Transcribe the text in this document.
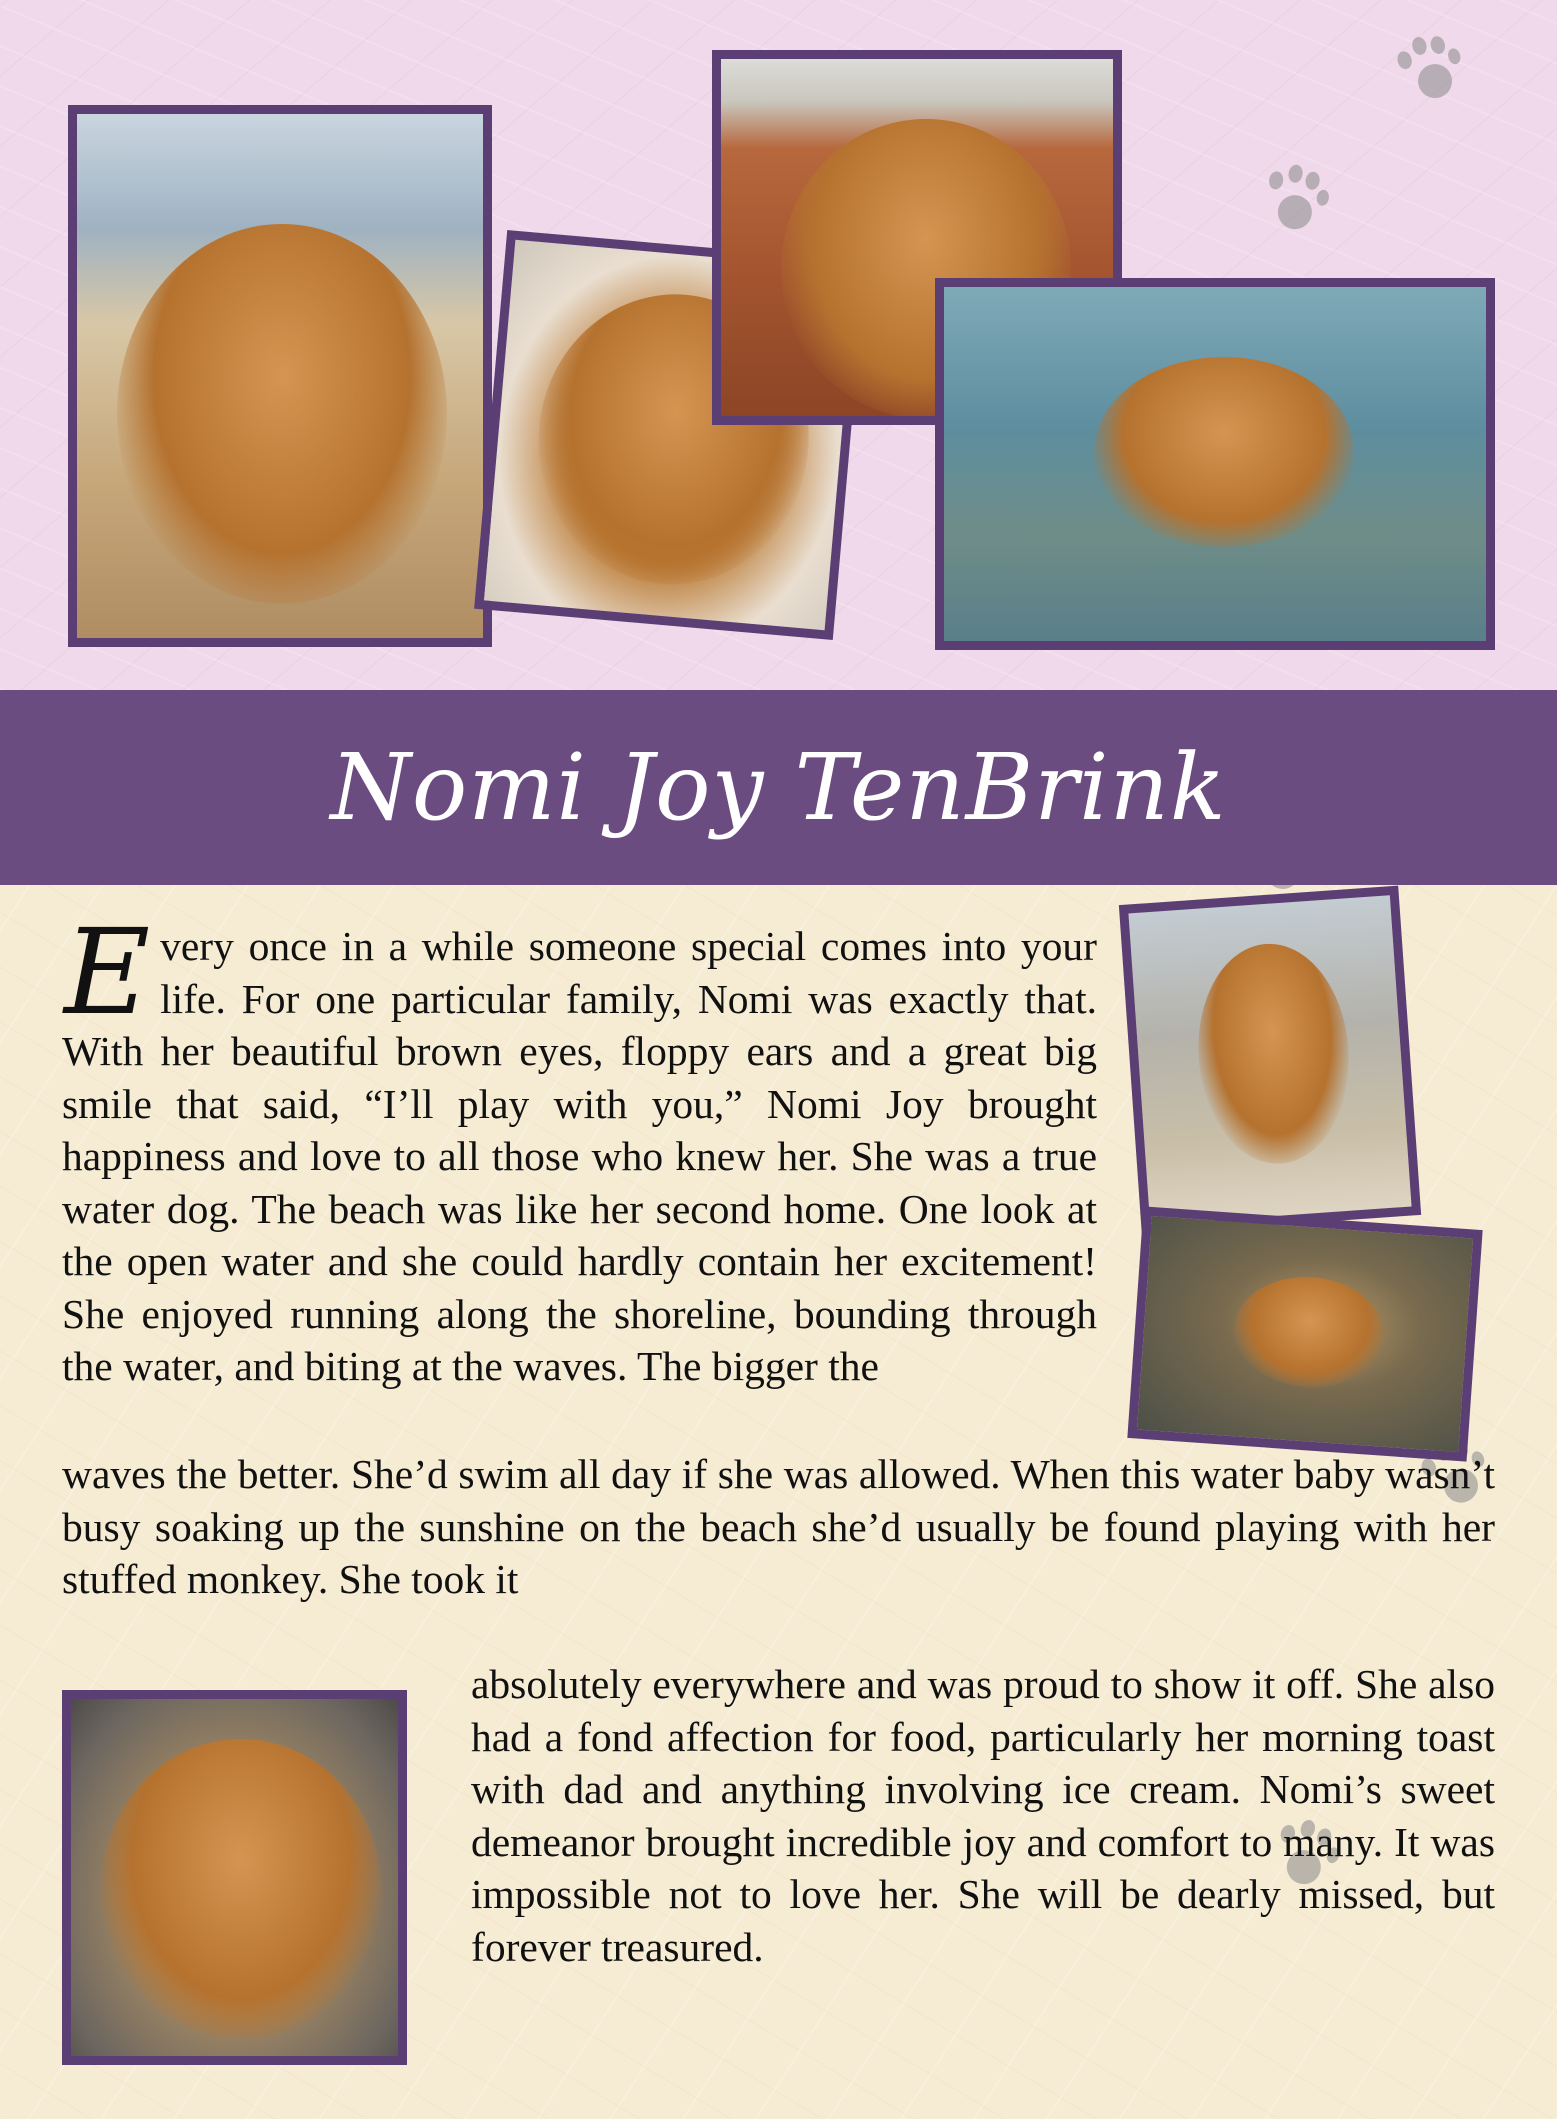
Nomi Joy TenBrink

Every once in a while someone special comes into your life. For one particular family, Nomi was exactly that. With her beautiful brown eyes, floppy ears and a great big smile that said, “I’ll play with you,” Nomi Joy brought happiness and love to all those who knew her. She was a true water dog. The beach was like her second home. One look at the open water and she could hardly contain her excitement! She enjoyed running along the shoreline, bounding through the water, and biting at the waves. The bigger the

waves the better. She’d swim all day if she was allowed. When this water baby wasn’t busy soaking up the sunshine on the beach she’d usually be found playing with her stuffed monkey. She took it

absolutely everywhere and was proud to show it off. She also had a fond affection for food, particularly her morning toast with dad and anything involving ice cream. Nomi’s sweet demeanor brought incredible joy and comfort to many. It was impossible not to love her. She will be dearly missed, but forever treasured.
